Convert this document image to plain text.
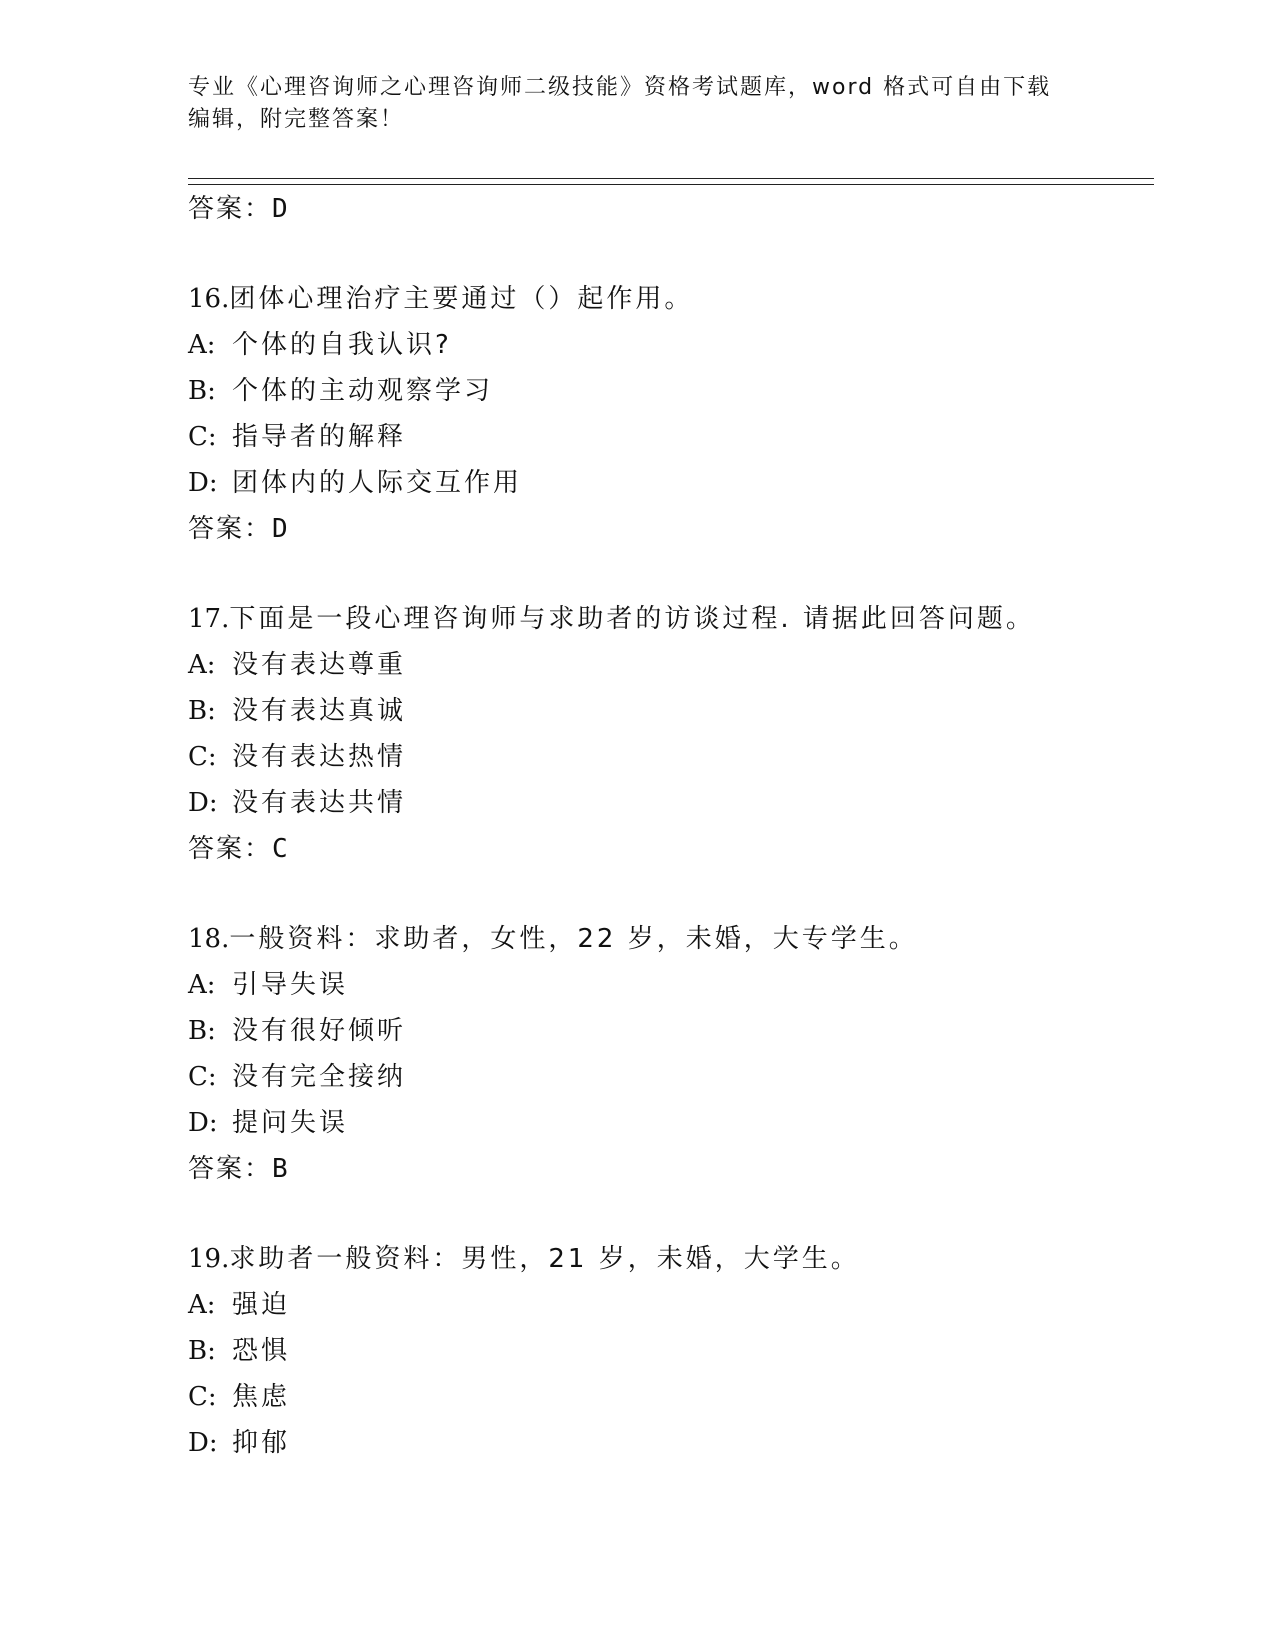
专业《心理咨询师之心理咨询师二级技能》资格考试题库，word 格式可自由下载
编辑，附完整答案！
答案：D
16.团体心理治疗主要通过（）起作用。
A: 个体的自我认识?
B: 个体的主动观察学习
C: 指导者的解释
D: 团体内的人际交互作用
答案：D
17.下面是一段心理咨询师与求助者的访谈过程. 请据此回答问题。
A: 没有表达尊重
B: 没有表达真诚
C: 没有表达热情
D: 没有表达共情
答案：C
18.一般资料：求助者，女性，22 岁，未婚，大专学生。
A: 引导失误
B: 没有很好倾听
C: 没有完全接纳
D: 提问失误
答案：B
19.求助者一般资料：男性，21 岁，未婚，大学生。
A: 强迫
B: 恐惧
C: 焦虑
D: 抑郁
